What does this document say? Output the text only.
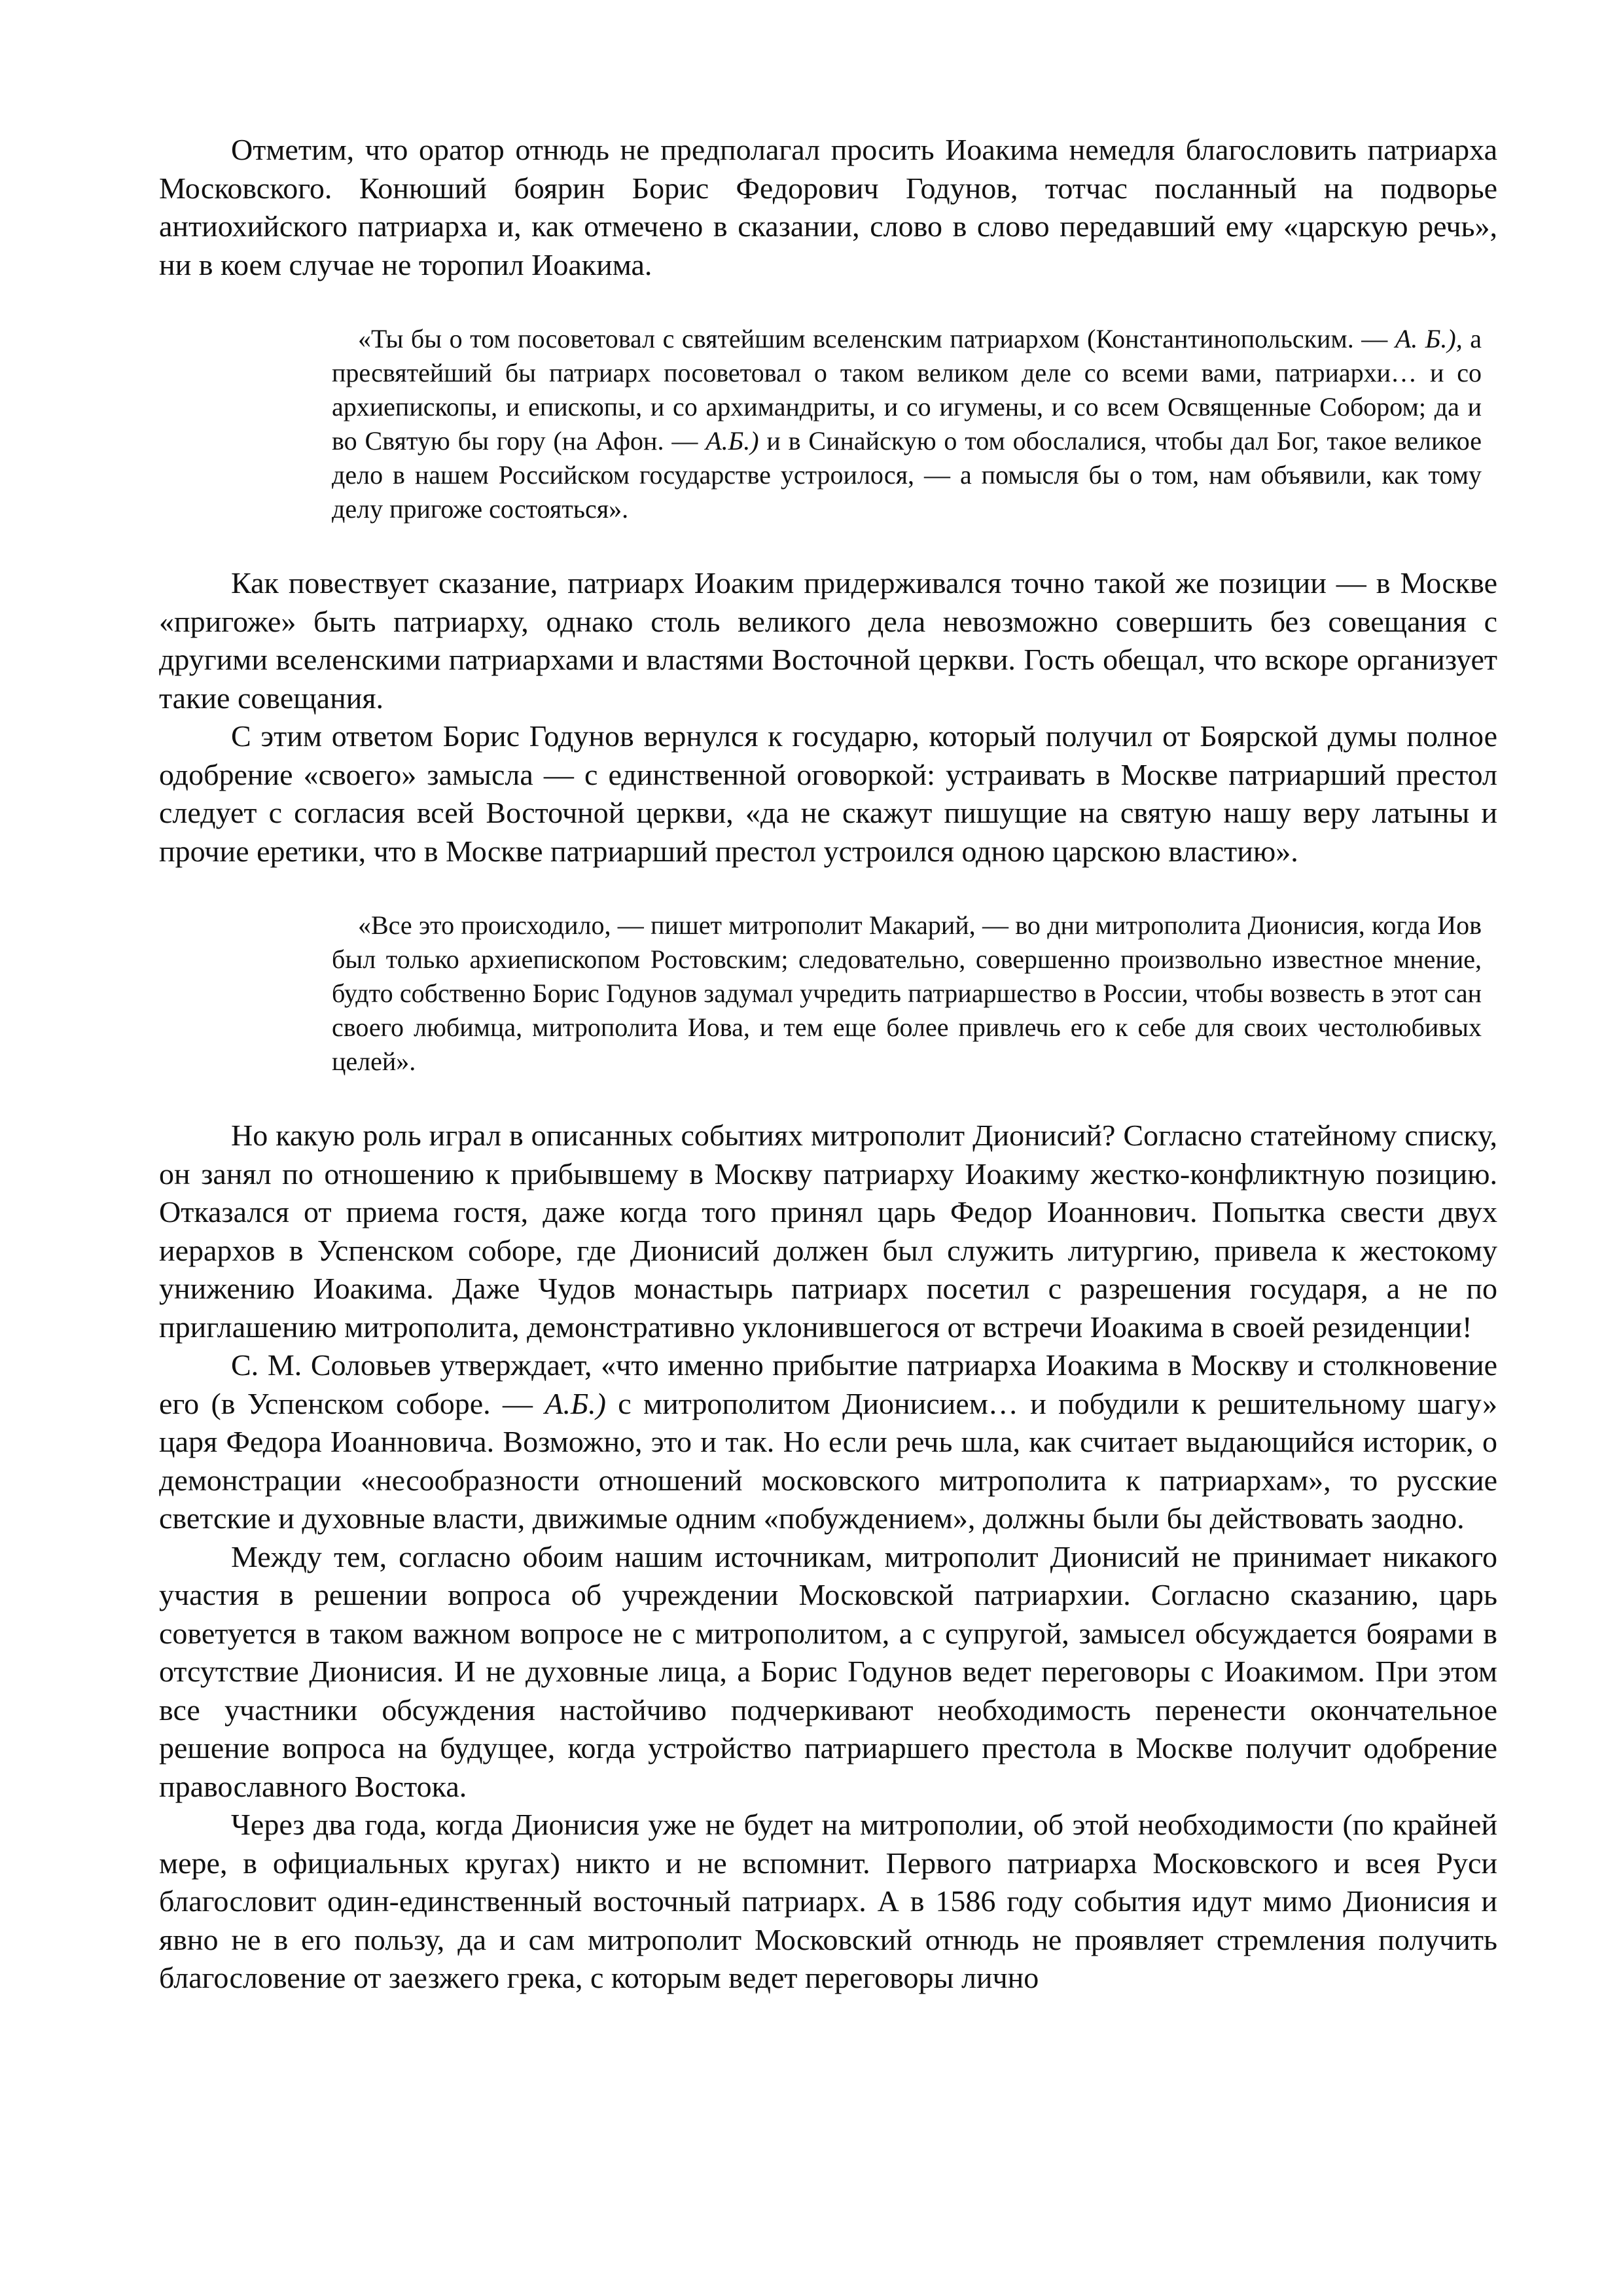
Отметим, что оратор отнюдь не предполагал просить Иоакима немедля благословить патриарха Московского. Конюший боярин Борис Федорович Годунов, тотчас посланный на подворье антиохийского патриарха и, как отмечено в сказании, слово в слово передавший ему «царскую речь», ни в коем случае не торопил Иоакима.

«Ты бы о том посоветовал с святейшим вселенским патриархом (Константинопольским. — А. Б.), а пресвятейший бы патриарх посоветовал о таком великом деле со всеми вами, патриархи… и со архиепископы, и епископы, и со архимандриты, и со игумены, и со всем Освященные Собором; да и во Святую бы гору (на Афон. — А.Б.) и в Синайскую о том обослалися, чтобы дал Бог, такое великое дело в нашем Российском государстве устроилося, — а помысля бы о том, нам объявили, как тому делу пригоже состояться».

Как повествует сказание, патриарх Иоаким придерживался точно такой же позиции — в Москве «пригоже» быть патриарху, однако столь великого дела невозможно совершить без совещания с другими вселенскими патриархами и властями Восточной церкви. Гость обещал, что вскоре организует такие совещания.

С этим ответом Борис Годунов вернулся к государю, который получил от Боярской думы полное одобрение «своего» замысла — с единственной оговоркой: устраивать в Москве патриарший престол следует с согласия всей Восточной церкви, «да не скажут пишущие на святую нашу веру латыны и прочие еретики, что в Москве патриарший престол устроился одною царскою властию».

«Все это происходило, — пишет митрополит Макарий, — во дни митрополита Дионисия, когда Иов был только архиепископом Ростовским; следовательно, совершенно произвольно известное мнение, будто собственно Борис Годунов задумал учредить патриаршество в России, чтобы возвесть в этот сан своего любимца, митрополита Иова, и тем еще более привлечь его к себе для своих честолюбивых целей».

Но какую роль играл в описанных событиях митрополит Дионисий? Согласно статейному списку, он занял по отношению к прибывшему в Москву патриарху Иоакиму жестко-конфликтную позицию. Отказался от приема гостя, даже когда того принял царь Федор Иоаннович. Попытка свести двух иерархов в Успенском соборе, где Дионисий должен был служить литургию, привела к жестокому унижению Иоакима. Даже Чудов монастырь патриарх посетил с разрешения государя, а не по приглашению митрополита, демонстративно уклонившегося от встречи Иоакима в своей резиденции!

С. М. Соловьев утверждает, «что именно прибытие патриарха Иоакима в Москву и столкновение его (в Успенском соборе. — А.Б.) с митрополитом Дионисием… и побудили к решительному шагу» царя Федора Иоанновича. Возможно, это и так. Но если речь шла, как считает выдающийся историк, о демонстрации «несообразности отношений московского митрополита к патриархам», то русские светские и духовные власти, движимые одним «побуждением», должны были бы действовать заодно.

Между тем, согласно обоим нашим источникам, митрополит Дионисий не принимает никакого участия в решении вопроса об учреждении Московской патриархии. Согласно сказанию, царь советуется в таком важном вопросе не с митрополитом, а с супругой, замысел обсуждается боярами в отсутствие Дионисия. И не духовные лица, а Борис Годунов ведет переговоры с Иоакимом. При этом все участники обсуждения настойчиво подчеркивают необходимость перенести окончательное решение вопроса на будущее, когда устройство патриаршего престола в Москве получит одобрение православного Востока.

Через два года, когда Дионисия уже не будет на митрополии, об этой необходимости (по крайней мере, в официальных кругах) никто и не вспомнит. Первого патриарха Московского и всея Руси благословит один-единственный восточный патриарх. А в 1586 году события идут мимо Дионисия и явно не в его пользу, да и сам митрополит Московский отнюдь не проявляет стремления получить благословение от заезжего грека, с которым ведет переговоры лично
